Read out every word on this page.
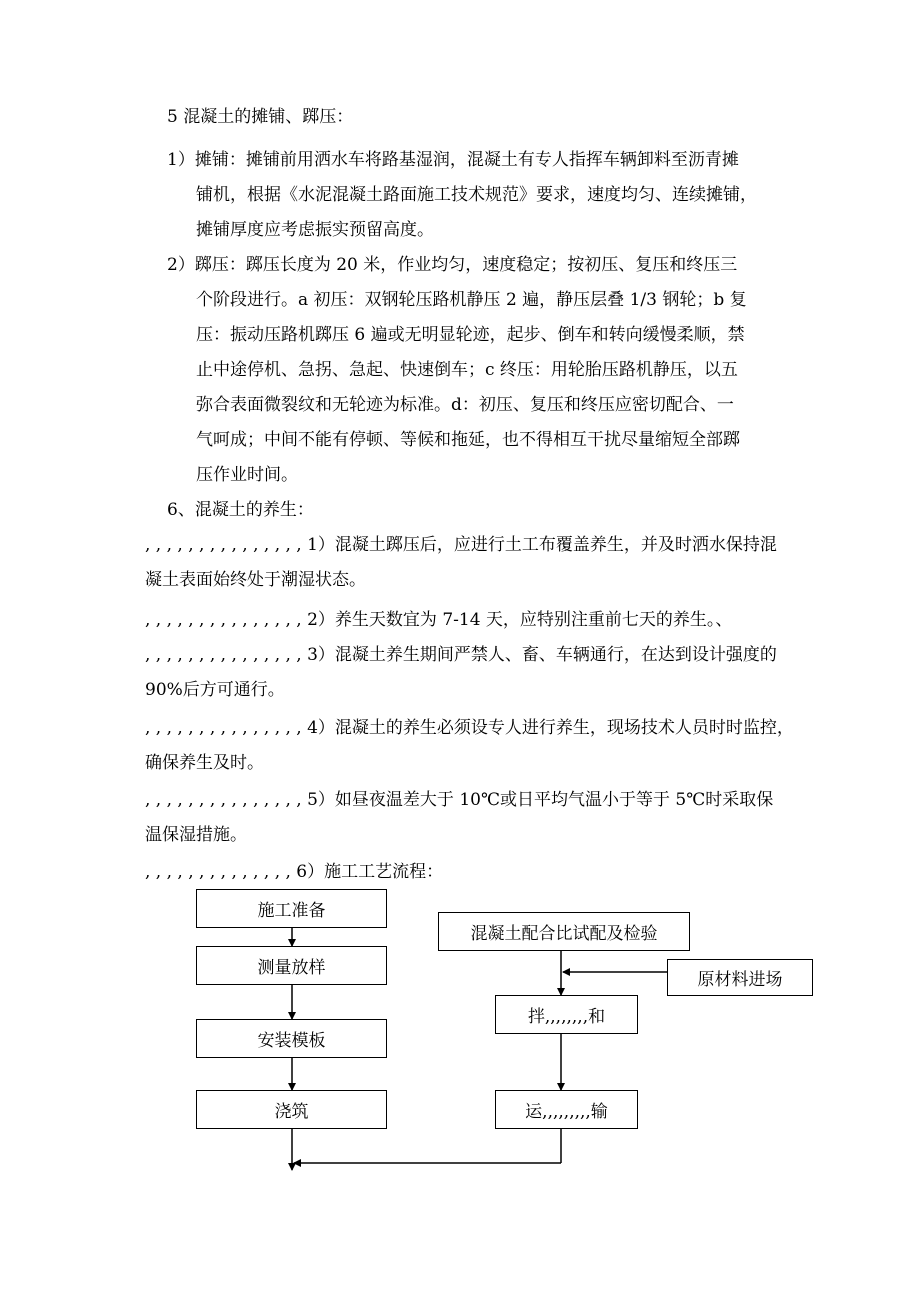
5 混凝土的摊铺、踯压：
1）摊铺：摊铺前用洒水车将路基湿润，混凝土有专人指挥车辆卸料至沥青摊
铺机，根据《水泥混凝土路面施工技术规范》要求，速度均匀、连续摊铺，
摊铺厚度应考虑振实预留高度。
2）踯压：踯压长度为 20 米，作业均匀，速度稳定；按初压、复压和终压三
个阶段进行。a 初压：双钢轮压路机静压 2 遍，静压层叠 1/3 钢轮；b 复
压：振动压路机踯压 6 遍或无明显轮迹，起步、倒车和转向缓慢柔顺，禁
止中途停机、急拐、急起、快速倒车；c 终压：用轮胎压路机静压，以五
弥合表面微裂纹和无轮迹为标准。d：初压、复压和终压应密切配合、一
气呵成；中间不能有停顿、等候和拖延，也不得相互干扰尽量缩短全部踯
压作业时间。
6、混凝土的养生：
, , , , , , , , , , , , , , , 1）混凝土踯压后，应进行土工布覆盖养生，并及时洒水保持混
凝土表面始终处于潮湿状态。
, , , , , , , , , , , , , , , 2）养生天数宜为 7-14 天，应特别注重前七天的养生。、
, , , , , , , , , , , , , , , 3）混凝土养生期间严禁人、畜、车辆通行，在达到设计强度的
90%后方可通行。
, , , , , , , , , , , , , , , 4）混凝土的养生必须设专人进行养生，现场技术人员时时监控，
确保养生及时。
, , , , , , , , , , , , , , , 5）如昼夜温差大于 10℃或日平均气温小于等于 5℃时采取保
温保湿措施。
, , , , , , , , , , , , , , 6）施工工艺流程：
施工准备
测量放样
安装模板
浇筑
混凝土配合比试配及检验
原材料进场
拌,,,,,,,,和
运,,,,,,,,,输
